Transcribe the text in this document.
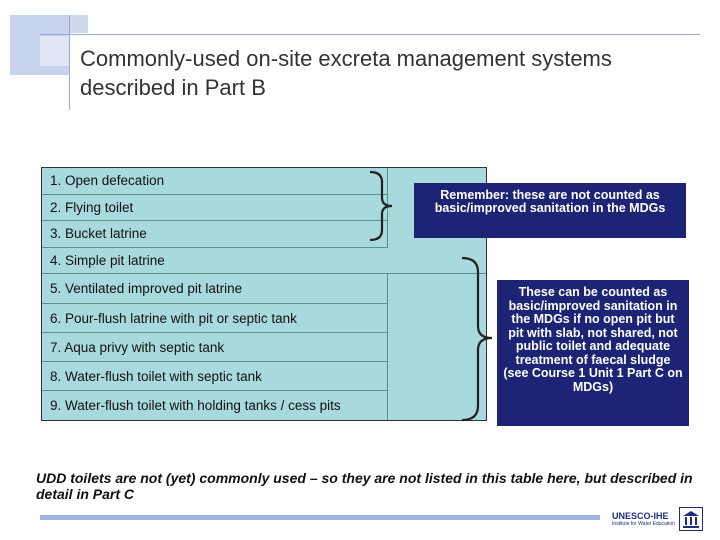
Commonly-used on-site excreta management systems described in Part B
1. Open defecation
2. Flying toilet
3. Bucket latrine
4. Simple pit latrine
5. Ventilated improved pit latrine
6. Pour-flush latrine with pit or septic tank
7. Aqua privy with septic tank
8. Water-flush toilet with septic tank
9. Water-flush toilet with holding tanks / cess pits
Remember: these are not counted as basic/improved sanitation in the MDGs
These can be counted as basic/improved sanitation in the MDGs if no open pit but pit with slab, not shared, not public toilet and adequate treatment of faecal sludge (see Course 1 Unit 1 Part C on MDGs)
UDD toilets are not (yet) commonly used – so they are not listed in this table here, but described in detail in Part C
UNESCO-IHE
Institute for Water Education
